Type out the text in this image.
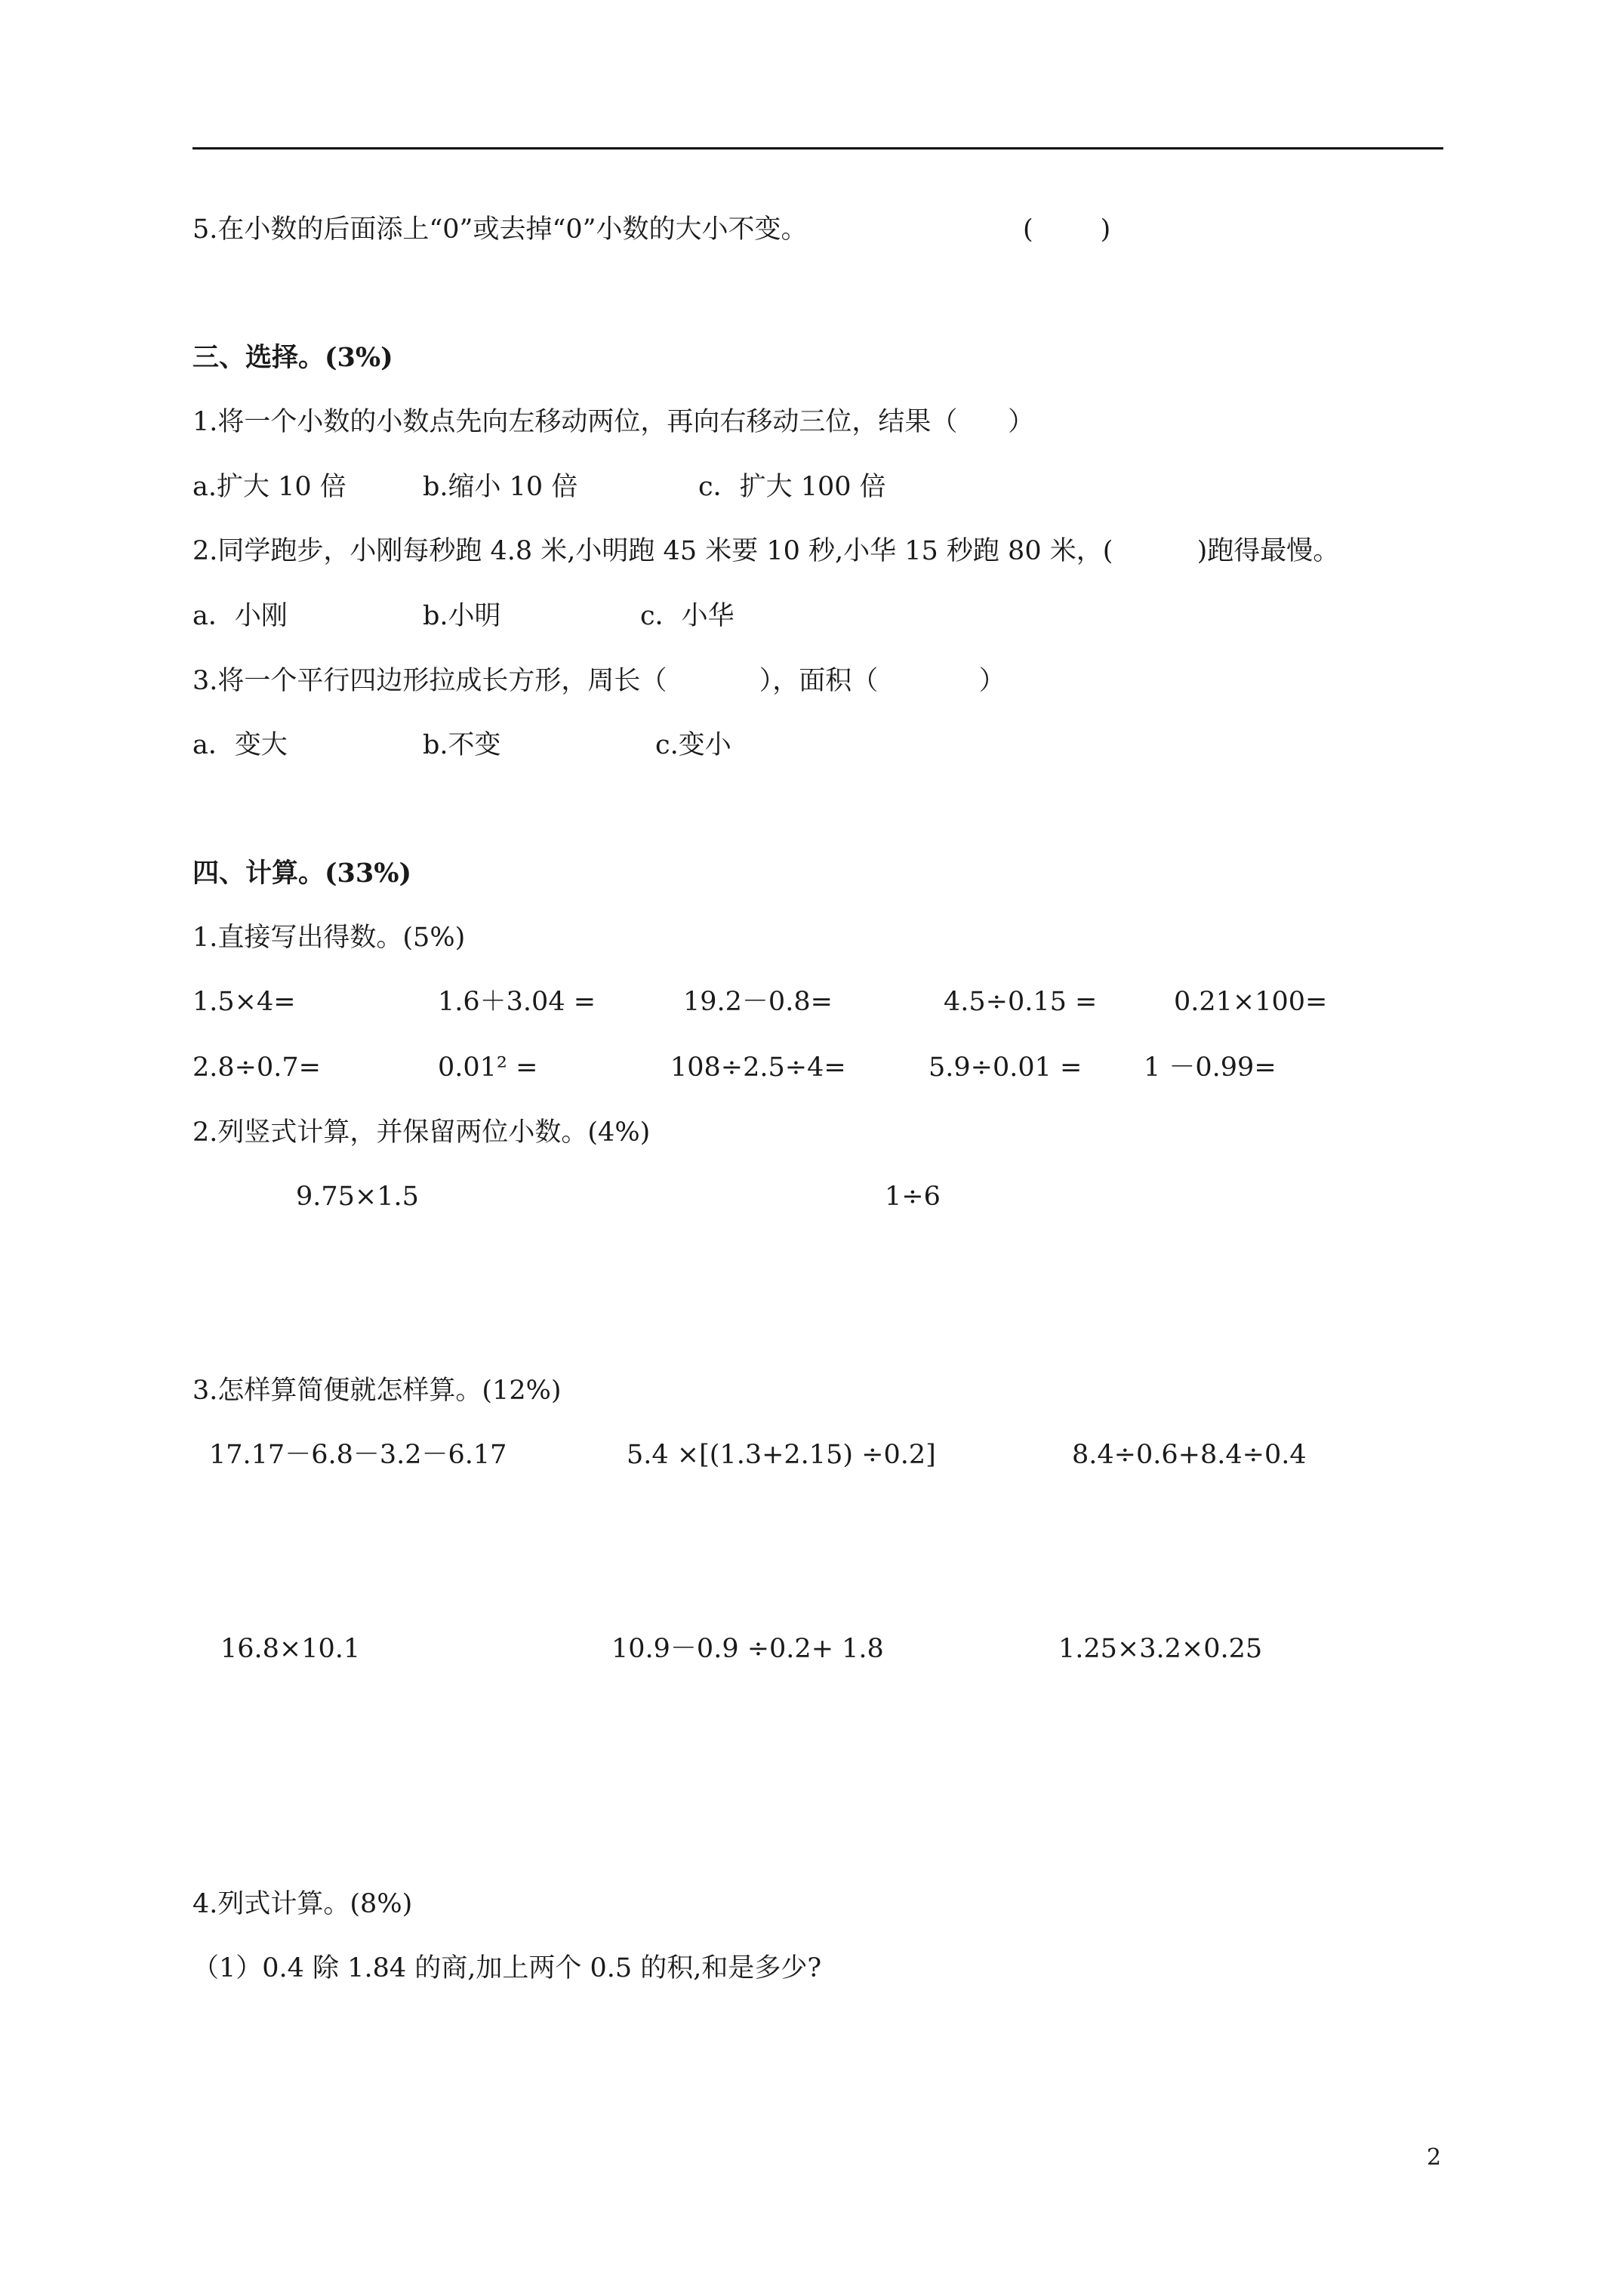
5.在小数的后面添上“0”或去掉“0”小数的大小不变。	(        )
三、选择。(3%)
1.将一个小数的小数点先向左移动两位，再向右移动三位，结果（      ）
a.扩大 10 倍	b.缩小 10 倍	c．扩大 100 倍
2.同学跑步，小刚每秒跑 4.8 米,小明跑 45 米要 10 秒,小华 15 秒跑 80 米，(          )跑得最慢。
a．小刚	b.小明	c．小华
3.将一个平行四边形拉成长方形，周长（           ），面积（            ）
a．变大	b.不变	c.变小
四、计算。(33%)
1.直接写出得数。(5%)
1.5×4=	1.6＋3.04 =	19.2－0.8=	4.5÷0.15 =	0.21×100=
2.8÷0.7=	0.01² =	108÷2.5÷4=	5.9÷0.01 = 1 －0.99=
2.列竖式计算，并保留两位小数。(4%)
9.75×1.5	1÷6
3.怎样算简便就怎样算。(12%)
17.17－6.8－3.2－6.17	5.4 ×[(1.3+2.15) ÷0.2]	8.4÷0.6+8.4÷0.4
16.8×10.1	10.9－0.9 ÷0.2+ 1.8	1.25×3.2×0.25
4.列式计算。(8%)
（1）0.4 除 1.84 的商,加上两个 0.5 的积,和是多少?
2
